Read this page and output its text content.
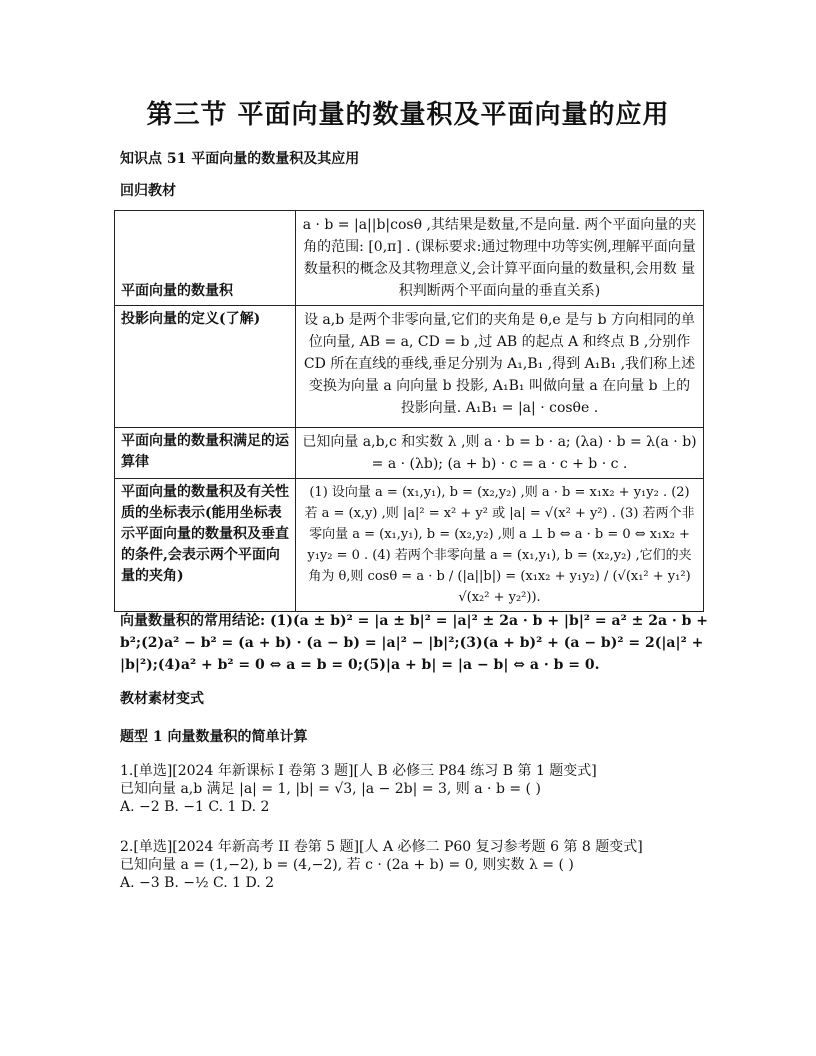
第三节 平面向量的数量积及平面向量的应用
知识点 51 平面向量的数量积及其应用
回归教材
平面向量的数量积	a · b = |a||b|cosθ ,其结果是数量,不是向量. 两个平面向量的夹角的范围: [0,π] . (课标要求:通过物理中功等实例,理解平面向量数量积的概念及其物理意义,会计算平面向量的数量积,会用数 量积判断两个平面向量的垂直关系)
投影向量的定义(了解)	设 a,b 是两个非零向量,它们的夹角是 θ,e 是与 b 方向相同的单位向量, AB = a, CD = b ,过 AB 的起点 A 和终点 B ,分别作 CD 所在直线的垂线,垂足分别为 A₁,B₁ ,得到 A₁B₁ ,我们称上述 变换为向量 a 向向量 b 投影, A₁B₁ 叫做向量 a 在向量 b 上的投影向量. A₁B₁ = |a| · cosθe .
平面向量的数量积满足的运算律	已知向量 a,b,c 和实数 λ ,则 a · b = b · a; (λa) · b = λ(a · b) = a · (λb); (a + b) · c = a · c + b · c .
平面向量的数量积及有关性质的坐标表示(能用坐标表示平面向量的数量积及垂直的条件,会表示两个平面向量的夹角)	(1) 设向量 a = (x₁,y₁), b = (x₂,y₂) ,则 a · b = x₁x₂ + y₁y₂ . (2) 若 a = (x,y) ,则 |a|² = x² + y² 或 |a| = √(x² + y²) . (3) 若两个非零向量 a = (x₁,y₁), b = (x₂,y₂) ,则 a ⊥ b ⇔ a · b = 0 ⇔ x₁x₂ + y₁y₂ = 0 . (4) 若两个非零向量 a = (x₁,y₁), b = (x₂,y₂) ,它们的夹角为 θ,则 cosθ = a · b / (|a||b|) = (x₁x₂ + y₁y₂) / (√(x₁² + y₁²) √(x₂² + y₂²)).
向量数量积的常用结论: (1)(a ± b)² = |a ± b|² = |a|² ± 2a · b + |b|² = a² ± 2a · b + b²;(2)a² − b² = (a + b) · (a − b) = |a|² − |b|²;(3)(a + b)² + (a − b)² = 2(|a|² + |b|²);(4)a² + b² = 0 ⇔ a = b = 0;(5)|a + b| = |a − b| ⇔ a · b = 0.
教材素材变式
题型 1 向量数量积的简单计算
1.[单选][2024 年新课标 I 卷第 3 题][人 B 必修三 P84 练习 B 第 1 题变式]
已知向量 a,b 满足 |a| = 1, |b| = √3, |a − 2b| = 3, 则 a · b = ( )
A. −2 B. −1 C. 1 D. 2
2.[单选][2024 年新高考 II 卷第 5 题][人 A 必修二 P60 复习参考题 6 第 8 题变式]
已知向量 a = (1,−2), b = (4,−2), 若 c · (2a + b) = 0, 则实数 λ = ( )
A. −3 B. −½ C. 1 D. 2
